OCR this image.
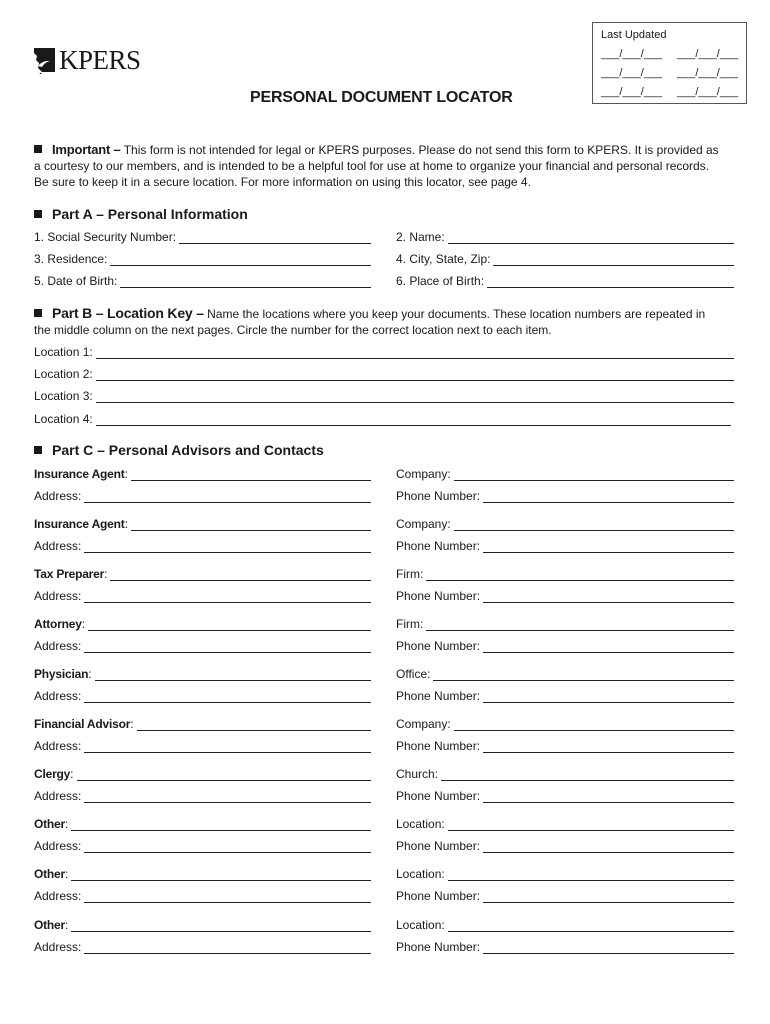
KPERS
PERSONAL DOCUMENT LOCATOR
Last Updated
___/___/___ ___/___/___
___/___/___ ___/___/___
___/___/___ ___/___/___
Important – This form is not intended for legal or KPERS purposes. Please do not send this form to KPERS. It is provided as
a courtesy to our members, and is intended to be a helpful tool for use at home to organize your financial and personal records.
Be sure to keep it in a secure location. For more information on using this locator, see page 4.
Part A – Personal Information
1. Social Security Number:	2. Name:
3. Residence:	4. City, State, Zip:
5. Date of Birth:	6. Place of Birth:
Part B – Location Key – Name the locations where you keep your documents. These location numbers are repeated in
the middle column on the next pages. Circle the number for the correct location next to each item.
Location 1:
Location 2:
Location 3:
Location 4:
Part C – Personal Advisors and Contacts
Insurance Agent:	Company:
Address:	Phone Number:
Insurance Agent:	Company:
Address:	Phone Number:
Tax Preparer:	Firm:
Address:	Phone Number:
Attorney:	Firm:
Address:	Phone Number:
Physician:	Office:
Address:	Phone Number:
Financial Advisor:	Company:
Address:	Phone Number:
Clergy:	Church:
Address:	Phone Number:
Other:	Location:
Address:	Phone Number:
Other:	Location:
Address:	Phone Number:
Other:	Location:
Address:	Phone Number:
